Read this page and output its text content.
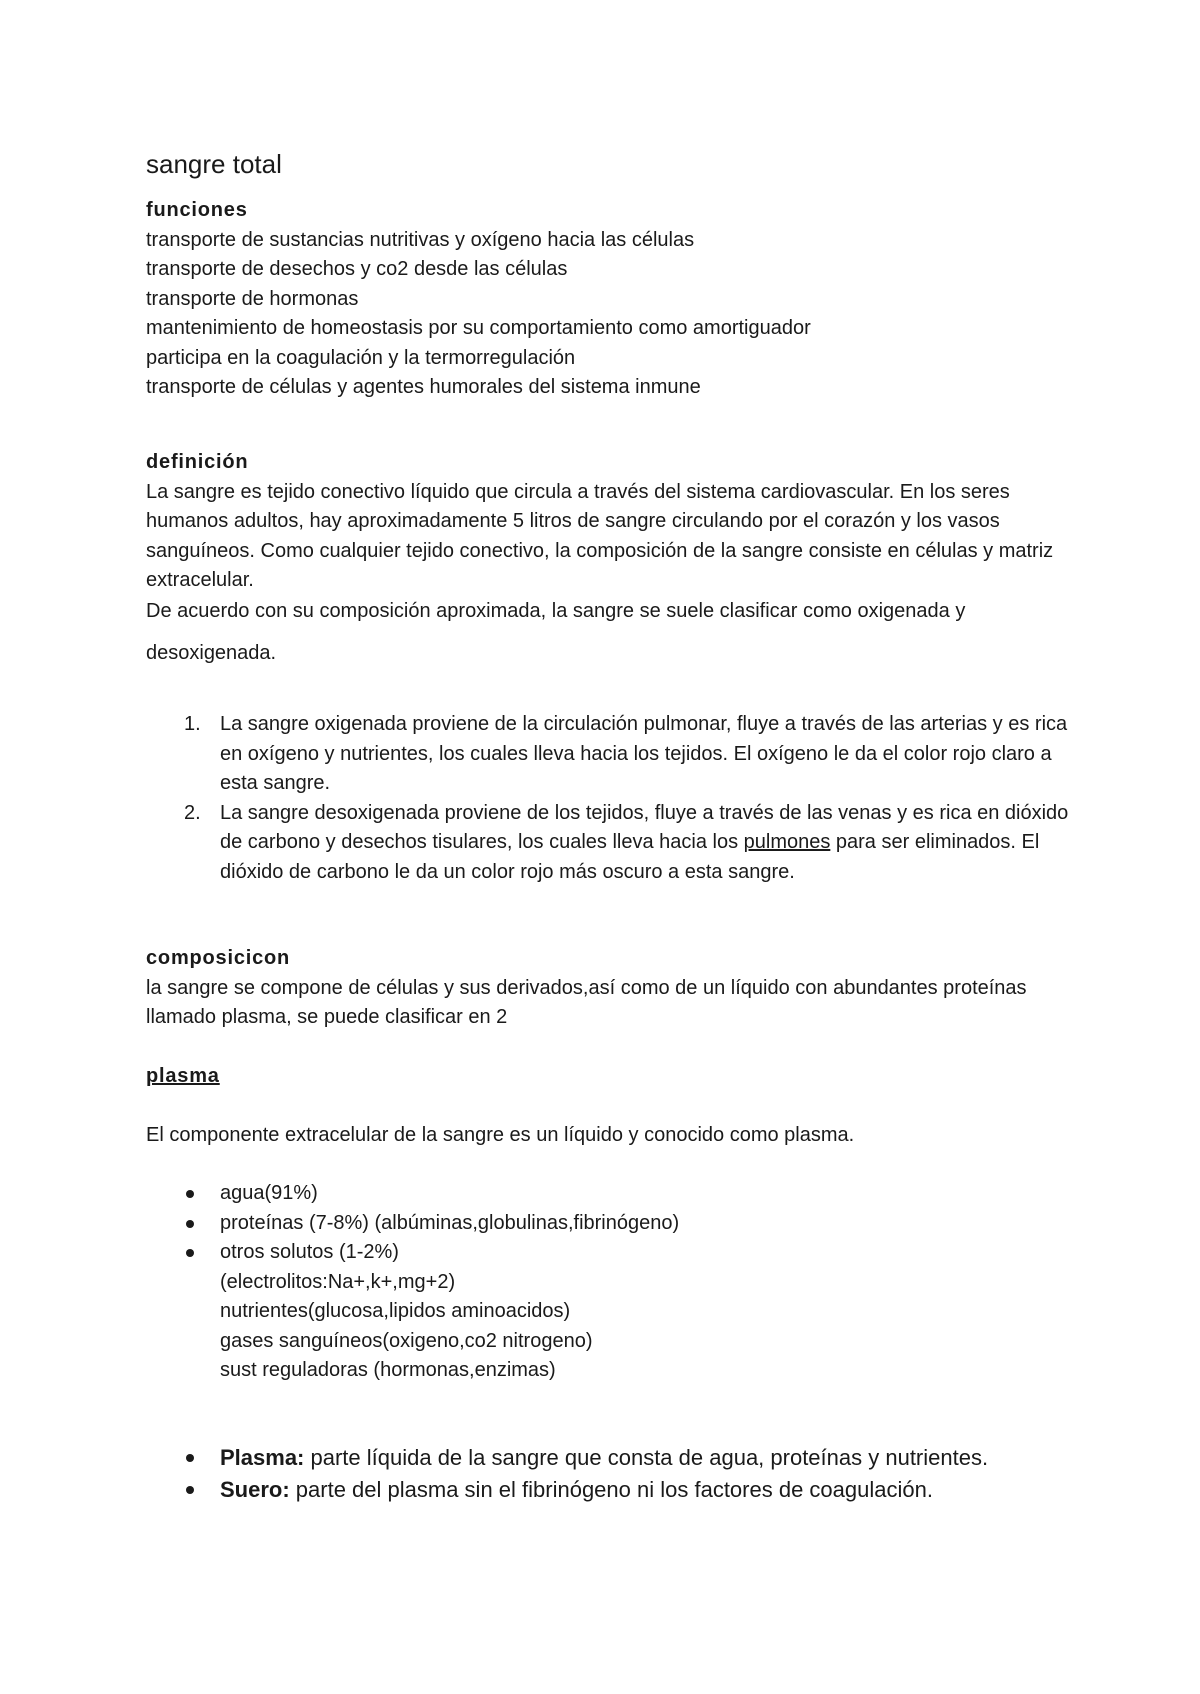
sangre total
funciones
transporte de sustancias nutritivas y oxígeno hacia las células
transporte de desechos y co2 desde las células
transporte de hormonas
mantenimiento de homeostasis por su comportamiento como amortiguador
participa en la coagulación y la termorregulación
transporte de células y agentes humorales del sistema inmune
definición

La sangre es tejido conectivo líquido que circula a través del sistema cardiovascular. En los seres humanos adultos, hay aproximadamente 5 litros de sangre circulando por el corazón y los vasos sanguíneos. Como cualquier tejido conectivo, la composición de la sangre consiste en células y matriz extracelular.

De acuerdo con su composición aproximada, la sangre se suele clasificar como oxigenada y desoxigenada.

1. La sangre oxigenada proviene de la circulación pulmonar, fluye a través de las arterias y es rica en oxígeno y nutrientes, los cuales lleva hacia los tejidos. El oxígeno le da el color rojo claro a esta sangre.
2. La sangre desoxigenada proviene de los tejidos, fluye a través de las venas y es rica en dióxido de carbono y desechos tisulares, los cuales lleva hacia los pulmones para ser eliminados. El dióxido de carbono le da un color rojo más oscuro a esta sangre.
composicicon

la sangre se compone de células y sus derivados,así como de un líquido con abundantes proteínas llamado plasma, se puede clasificar en 2

plasma
El componente extracelular de la sangre es un líquido y conocido como plasma.
agua(91%)
proteínas (7-8%) (albúminas,globulinas,fibrinógeno)
otros solutos (1-2%)
(electrolitos:Na+,k+,mg+2)
nutrientes(glucosa,lipidos aminoacidos)
gases sanguíneos(oxigeno,co2 nitrogeno)
sust reguladoras (hormonas,enzimas)
Plasma: parte líquida de la sangre que consta de agua, proteínas y nutrientes.
Suero: parte del plasma sin el fibrinógeno ni los factores de coagulación.
